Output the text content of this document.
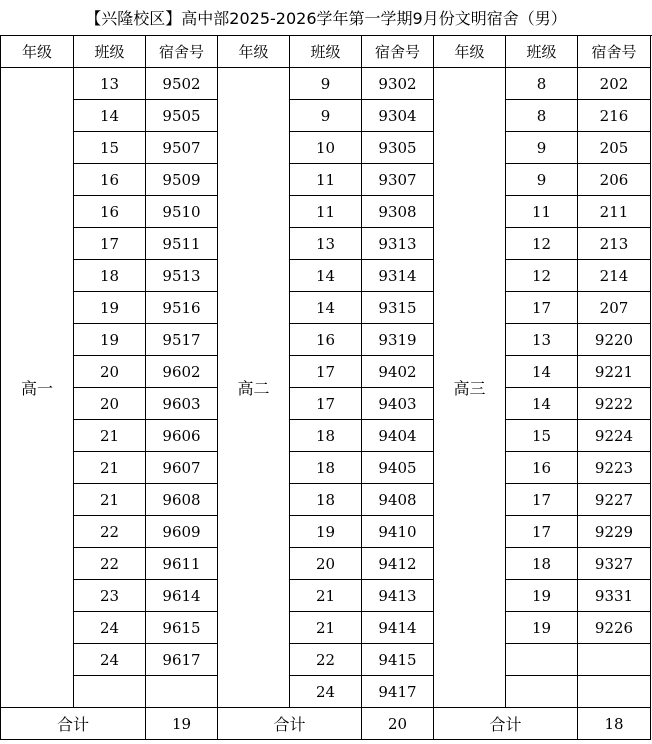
【兴隆校区】高中部2025-2026学年第一学期9月份文明宿舍（男）
年级	班级	宿舍号	年级	班级	宿舍号	年级	班级	宿舍号
高一	13	9502	高二	9	9302	高三	8	202
	14	9505		9	9304		8	216
	15	9507		10	9305		9	205
	16	9509		11	9307		9	206
	16	9510		11	9308		11	211
	17	9511		13	9313		12	213
	18	9513		14	9314		12	214
	19	9516		14	9315		17	207
	19	9517		16	9319		13	9220
	20	9602		17	9402		14	9221
	20	9603		17	9403		14	9222
	21	9606		18	9404		15	9224
	21	9607		18	9405		16	9223
	21	9608		18	9408		17	9227
	22	9609		19	9410		17	9229
	22	9611		20	9412		18	9327
	23	9614		21	9413		19	9331
	24	9615		21	9414		19	9226
	24	9617		22	9415			
				24	9417			
合计		19	合计		20	合计		18
